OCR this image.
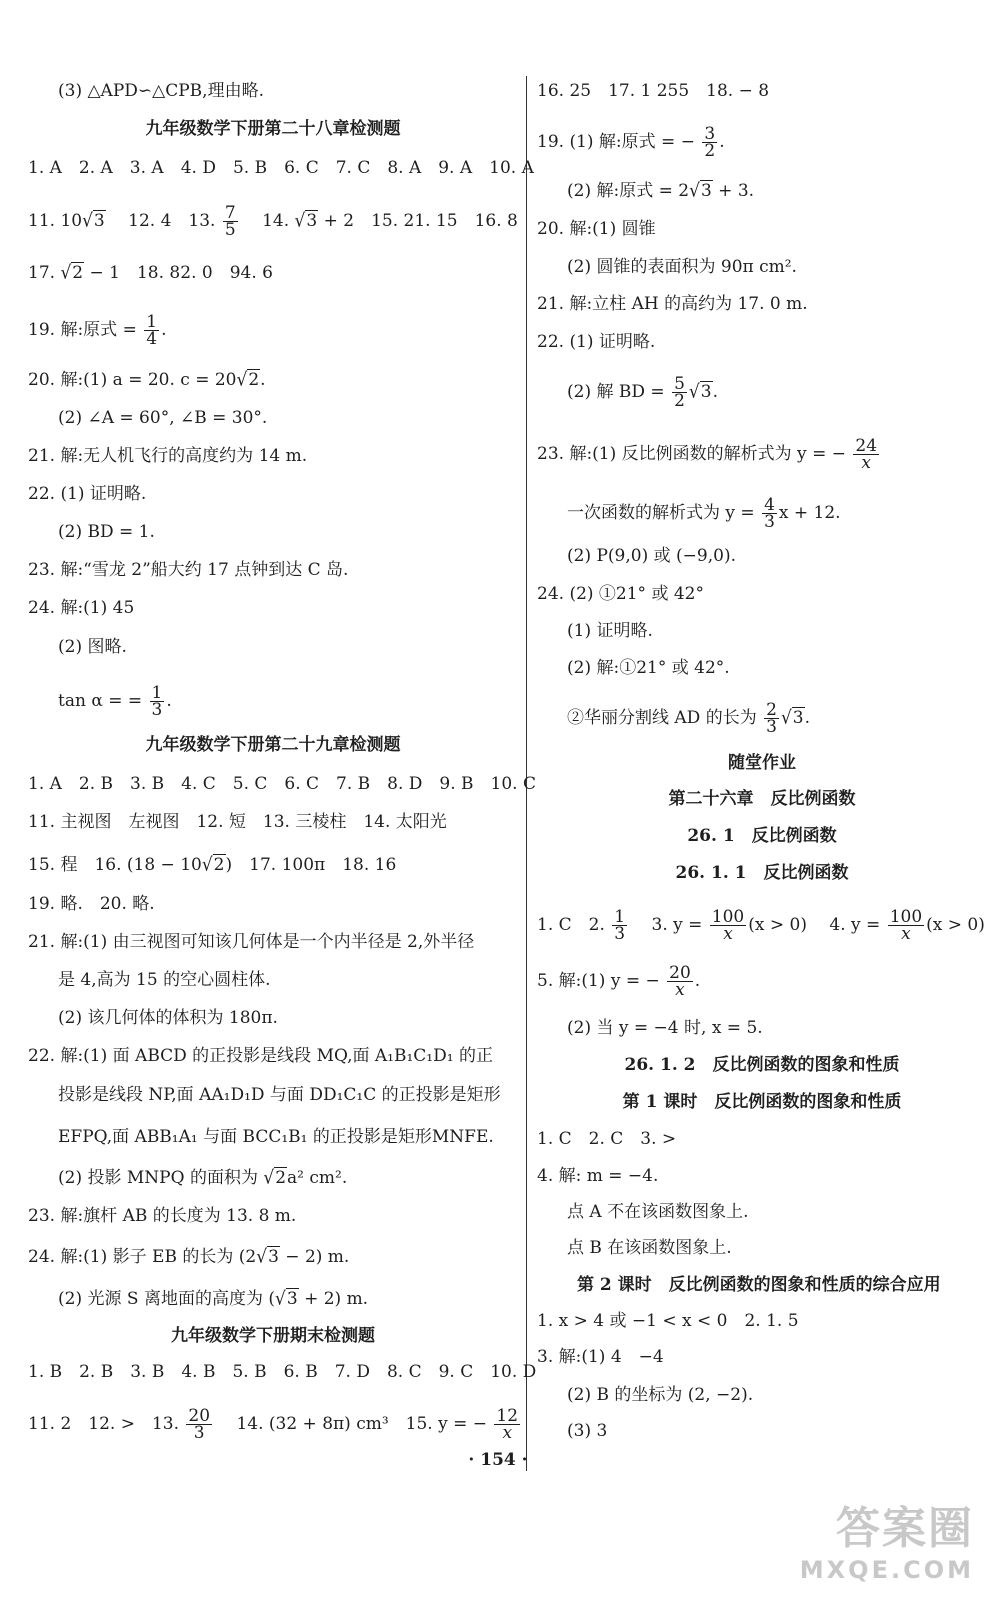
(3) △APD∽△CPB,理由略.
九年级数学下册第二十八章检测题
1. A　2. A　3. A　4. D　5. B　6. C　7. C　8. A　9. A　10. A
11. 10√3　 12. 4　13. $\frac{7}{5}$
　 14. √3 + 2　15. 21. 15　16. 8
17. √2 − 1　18. 82. 0　94. 6
19. 解:原式 = $\frac{1}{4}$ .
20. 解:(1) a = 20. c = 20√2.
(2) ∠A = 60°, ∠B = 30°.
21. 解:无人机飞行的高度约为 14 m.
22. (1) 证明略.
(2) BD = 1.
23. 解:“雪龙 2”船大约 17 点钟到达 C 岛.
24. 解:(1) 45
(2) 图略.
tan α = = $\frac{1}{3}$ .
九年级数学下册第二十九章检测题
1. A　2. B　3. B　4. C　5. C　6. C　7. B　8. D　9. B　10. C
11. 主视图　左视图　12. 短　13. 三棱柱　14. 太阳光
15. 程　16. (18 − 10√2)　17. 100π　18. 16
19. 略.　20. 略.
21. 解:(1) 由三视图可知该几何体是一个内半径是 2,外半径
是 4,高为 15 的空心圆柱体.
(2) 该几何体的体积为 180π.
22. 解:(1) 面 ABCD 的正投影是线段 MQ,面 A₁B₁C₁D₁ 的正
投影是线段 NP,面 AA₁D₁D 与面 DD₁C₁C 的正投影是矩形
EFPQ,面 ABB₁A₁ 与面 BCC₁B₁ 的正投影是矩形MNFE.
(2) 投影 MNPQ 的面积为 √2a² cm².
23. 解:旗杆 AB 的长度为 13. 8 m.
24. 解:(1) 影子 EB 的长为 (2√3 − 2) m.
(2) 光源 S 离地面的高度为 (√3 + 2) m.
九年级数学下册期末检测题
1. B　2. B　3. B　4. B　5. B　6. B　7. D　8. C　9. C　10. D
11. 2　12. >　13. $\frac{20}{3}$
　 14. (32 + 8π) cm³　15. y = − $\frac{12}{x}$
16. 25　17. 1 255　18. − 8
19. (1) 解:原式 = − $\frac{3}{2}$ .
(2) 解:原式 = 2√3 + 3.
20. 解:(1) 圆锥
(2) 圆锥的表面积为 90π cm².
21. 解:立柱 AH 的高约为 17. 0 m.
22. (1) 证明略.
(2) 解 BD = $\frac{5}{2} √3$.
23. 解:(1) 反比例函数的解析式为 y = − $\frac{24}{x}$
一次函数的解析式为 $y = \frac{4}{3}$ x + 12.
(2) P(9,0) 或 (−9,0).
24. (2) ①21° 或 42°
(1) 证明略.
(2) 解:①21° 或 42°.
②华丽分割线 AD 的长为 $\frac{2}{3} √3$.
随堂作业
第二十六章　反比例函数
26. 1　反比例函数
26. 1. 1　反比例函数
1. C　2. $\frac{1}{3}$
　 3. $y = \frac{100}{x} (x > 0)$　 4. $y = \frac{100}{x} (x > 0)$
5. 解:(1) y = − $\frac{20}{x}$ .
(2) 当 y = −4 时, x = 5.
26. 1. 2　反比例函数的图象和性质
第 1 课时　反比例函数的图象和性质
1. C　2. C　3. >
4. 解: m = −4.
点 A 不在该函数图象上.
点 B 在该函数图象上.
第 2 课时　反比例函数的图象和性质的综合应用
1. x > 4 或 −1 < x < 0　2. 1. 5
3. 解:(1) 4　−4
(2) B 的坐标为 (2, −2).
(3) 3
· 154 ·
答案圈
MXQE.COM
